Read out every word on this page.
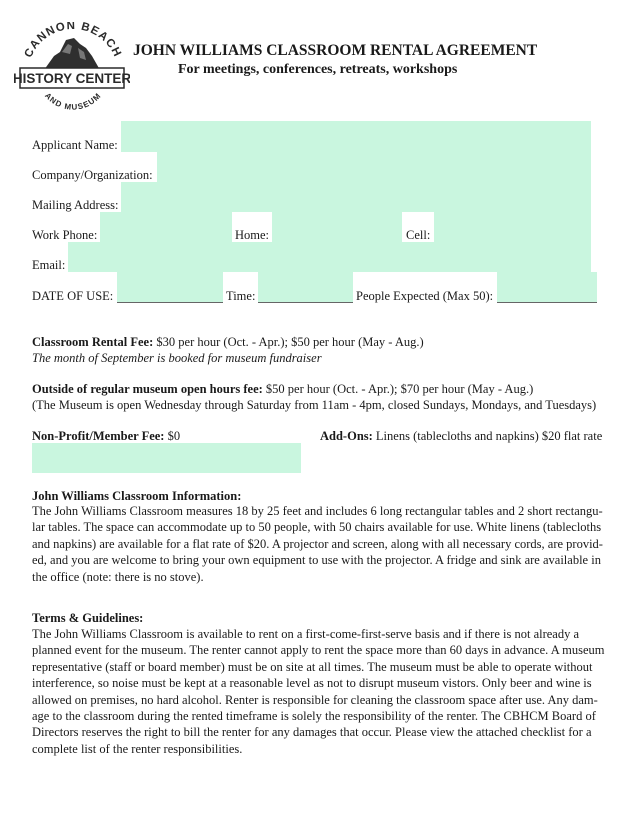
CANNON BEACH
HISTORY CENTER
AND MUSEUM
JOHN WILLIAMS CLASSROOM RENTAL AGREEMENT
For meetings, conferences, retreats, workshops
Applicant Name:
Company/Organization:
Mailing Address:
Work Phone:	Home:	Cell:
Email:
DATE OF USE:	Time:	People Expected (Max 50):
Classroom Rental Fee: $30 per hour (Oct. - Apr.); $50 per hour (May - Aug.)
The month of September is booked for museum fundraiser
Outside of regular museum open hours fee: $50 per hour (Oct. - Apr.); $70 per hour (May - Aug.)
(The Museum is open Wednesday through Saturday from 11am - 4pm, closed Sundays, Mondays, and Tuesdays)
Non-Profit/Member Fee: $0	Add-Ons: Linens (tablecloths and napkins) $20 flat rate
John Williams Classroom Information:
The John Williams Classroom measures 18 by 25 feet and includes 6 long rectangular tables and 2 short rectangu-
lar tables. The space can accommodate up to 50 people, with 50 chairs available for use. White linens (tablecloths
and napkins) are available for a flat rate of $20. A projector and screen, along with all necessary cords, are provid-
ed, and you are welcome to bring your own equipment to use with the projector. A fridge and sink are available in
the office (note: there is no stove).
Terms & Guidelines:
The John Williams Classroom is available to rent on a first-come-first-serve basis and if there is not already a
planned event for the museum. The renter cannot apply to rent the space more than 60 days in advance. A museum
representative (staff or board member) must be on site at all times. The museum must be able to operate without
interference, so noise must be kept at a reasonable level as not to disrupt museum vistors. Only beer and wine is
allowed on premises, no hard alcohol. Renter is responsible for cleaning the classroom space after use. Any dam-
age to the classroom during the rented timeframe is solely the responsibility of the renter. The CBHCM Board of
Directors reserves the right to bill the renter for any damages that occur. Please view the attached checklist for a
complete list of the renter responsibilities.
